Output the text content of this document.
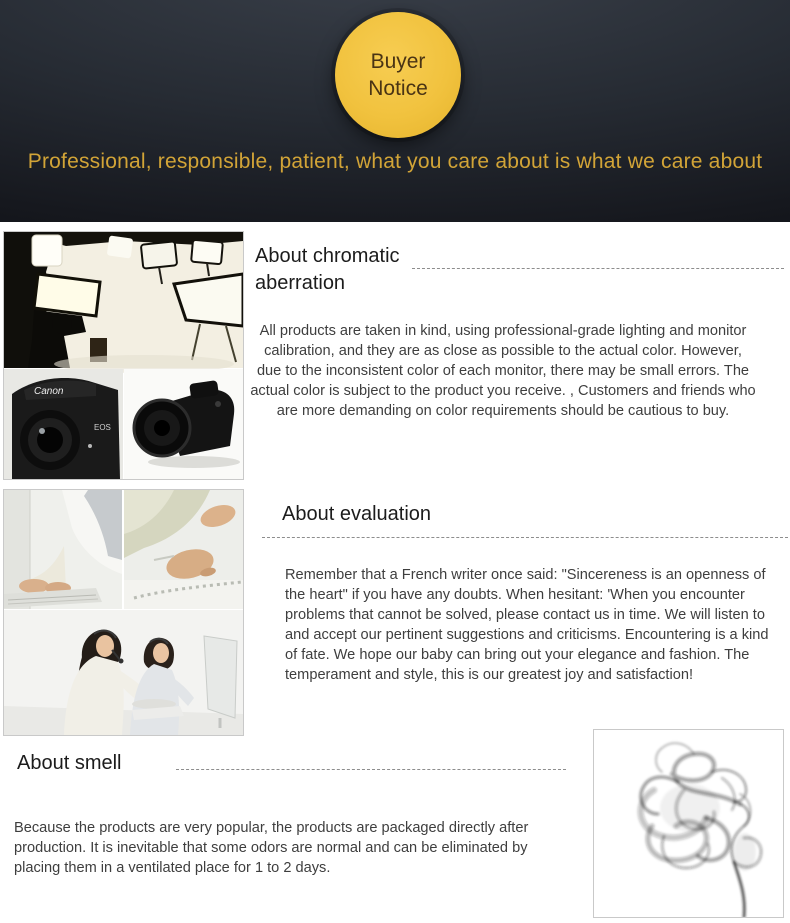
Buyer Notice
Professional, responsible, patient, what you care about is what we care about
Canon
EOS
About chromatic aberration

All products are taken in kind, using professional-grade lighting and monitor calibration, and they are as close as possible to the actual color. However, due to the inconsistent color of each monitor, there may be small errors. The actual color is subject to the product you receive. , Customers and friends who are more demanding on color requirements should be cautious to buy.

About evaluation

Remember that a French writer once said: "Sincereness is an openness of the heart" if you have any doubts. When hesitant: 'When you encounter problems that cannot be solved, please contact us in time. We will listen to and accept our pertinent suggestions and criticisms. Encountering is a kind of fate. We hope our baby can bring out your elegance and fashion. The temperament and style, this is our greatest joy and satisfaction!

About smell

Because the products are very popular, the products are packaged directly after production. It is inevitable that some odors are normal and can be eliminated by placing them in a ventilated place for 1 to 2 days.
